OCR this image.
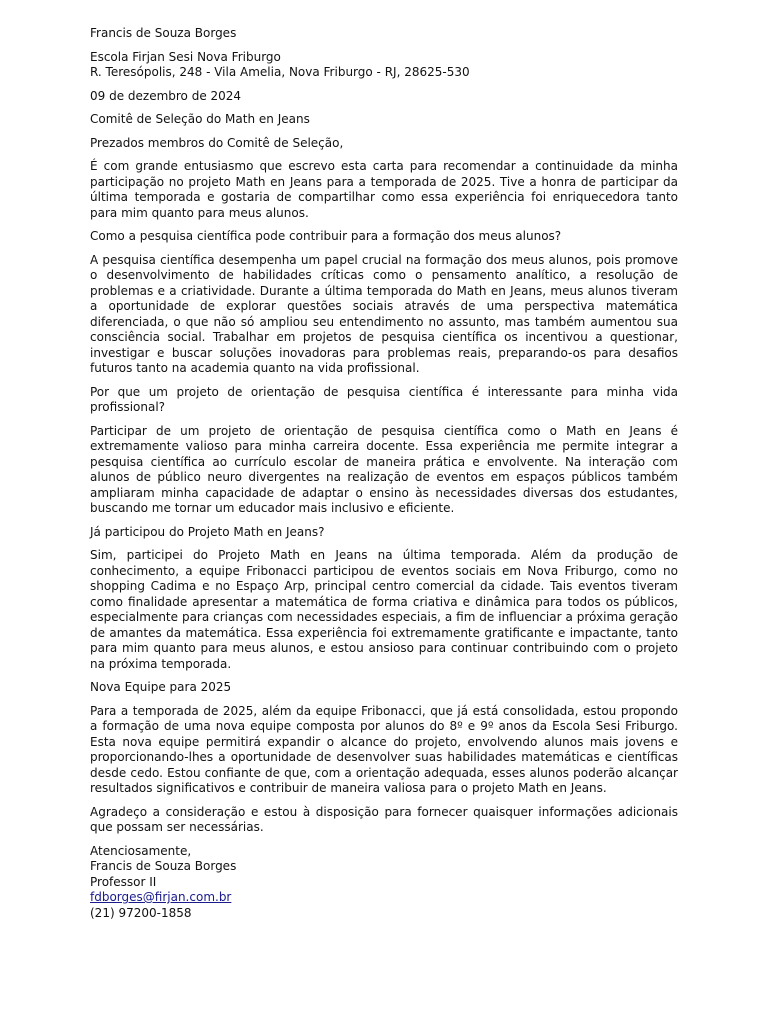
Francis de Souza Borges
Escola Firjan Sesi Nova Friburgo
R. Teresópolis, 248 - Vila Amelia, Nova Friburgo - RJ, 28625-530
09 de dezembro de 2024
Comitê de Seleção do Math en Jeans
Prezados membros do Comitê de Seleção,

É com grande entusiasmo que escrevo esta carta para recomendar a continuidade da minha participação no projeto Math en Jeans para a temporada de 2025. Tive a honra de participar da última temporada e gostaria de compartilhar como essa experiência foi enriquecedora tanto para mim quanto para meus alunos.

Como a pesquisa científica pode contribuir para a formação dos meus alunos?

A pesquisa científica desempenha um papel crucial na formação dos meus alunos, pois promove o desenvolvimento de habilidades críticas como o pensamento analítico, a resolução de problemas e a criatividade. Durante a última temporada do Math en Jeans, meus alunos tiveram a oportunidade de explorar questões sociais através de uma perspectiva matemática diferenciada, o que não só ampliou seu entendimento no assunto, mas também aumentou sua consciência social. Trabalhar em projetos de pesquisa científica os incentivou a questionar, investigar e buscar soluções inovadoras para problemas reais, preparando-os para desafios futuros tanto na academia quanto na vida profissional.

Por que um projeto de orientação de pesquisa científica é interessante para minha vida profissional?

Participar de um projeto de orientação de pesquisa científica como o Math en Jeans é extremamente valioso para minha carreira docente. Essa experiência me permite integrar a pesquisa científica ao currículo escolar de maneira prática e envolvente. Na interação com alunos de público neuro divergentes na realização de eventos em espaços públicos também ampliaram minha capacidade de adaptar o ensino às necessidades diversas dos estudantes, buscando me tornar um educador mais inclusivo e eficiente.

Já participou do Projeto Math en Jeans?

Sim, participei do Projeto Math en Jeans na última temporada. Além da produção de conhecimento, a equipe Fribonacci participou de eventos sociais em Nova Friburgo, como no shopping Cadima e no Espaço Arp, principal centro comercial da cidade. Tais eventos tiveram como finalidade apresentar a matemática de forma criativa e dinâmica para todos os públicos, especialmente para crianças com necessidades especiais, a fim de influenciar a próxima geração de amantes da matemática. Essa experiência foi extremamente gratificante e impactante, tanto para mim quanto para meus alunos, e estou ansioso para continuar contribuindo com o projeto na próxima temporada.

Nova Equipe para 2025

Para a temporada de 2025, além da equipe Fribonacci, que já está consolidada, estou propondo a formação de uma nova equipe composta por alunos do 8º e 9º anos da Escola Sesi Friburgo. Esta nova equipe permitirá expandir o alcance do projeto, envolvendo alunos mais jovens e proporcionando-lhes a oportunidade de desenvolver suas habilidades matemáticas e científicas desde cedo. Estou confiante de que, com a orientação adequada, esses alunos poderão alcançar resultados significativos e contribuir de maneira valiosa para o projeto Math en Jeans.

Agradeço a consideração e estou à disposição para fornecer quaisquer informações adicionais que possam ser necessárias.

Atenciosamente,
Francis de Souza Borges
Professor II
fdborges@firjan.com.br
(21) 97200-1858
